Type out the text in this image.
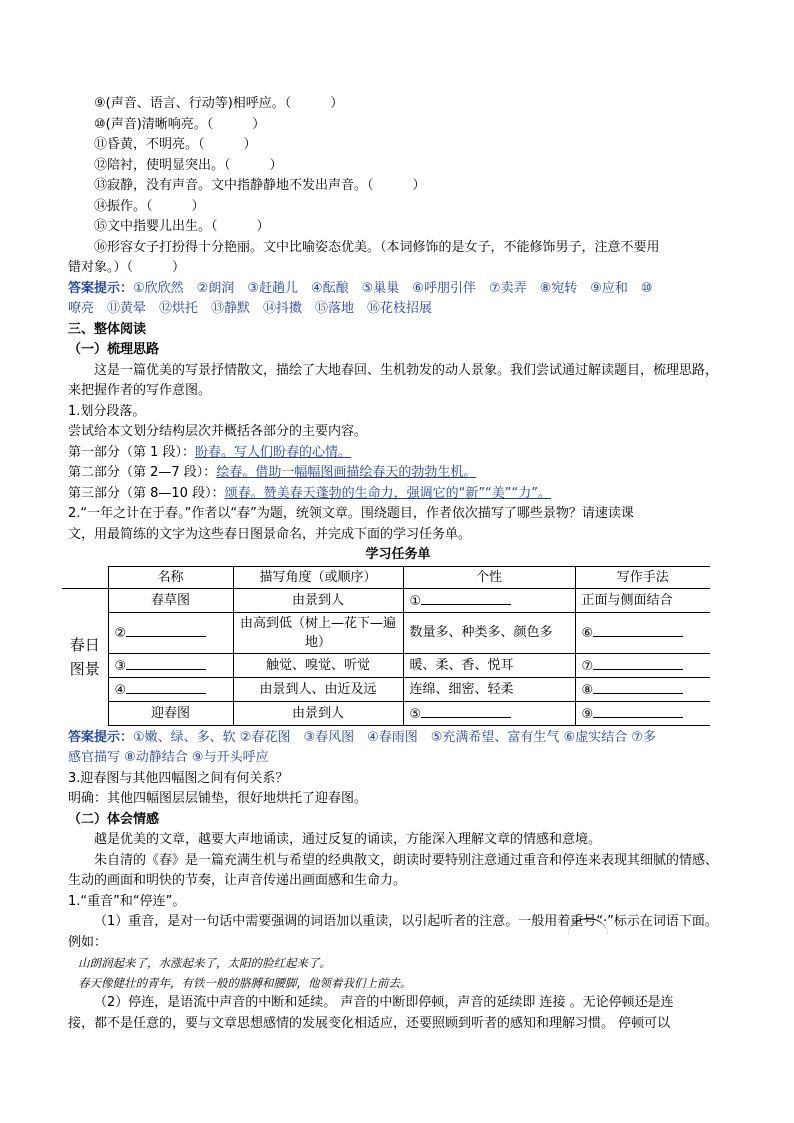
⑨(声音、语言、行动等)相呼应。（　　　）
⑩(声音)清晰响亮。（　　　）
⑪昏黄，不明亮。（　　　）
⑫陪衬，使明显突出。（　　　）
⑬寂静，没有声音。文中指静静地不发出声音。（　　　）
⑭振作。（　　　）
⑮文中指婴儿出生。（　　　）
⑯形容女子打扮得十分艳丽。文中比喻姿态优美。（本词修饰的是女子，不能修饰男子，注意不要用
错对象。）（　　　）
答案提示：①欣欣然　②朗润　③赶趟儿　④酝酿　⑤巢巢　⑥呼朋引伴　⑦卖弄　⑧宛转　⑨应和　⑩
嘹亮　⑪黄晕　⑫烘托　⑬静默　⑭抖擞　⑮落地　⑯花枝招展
三、整体阅读
（一）梳理思路
这是一篇优美的写景抒情散文，描绘了大地春回、生机勃发的动人景象。我们尝试通过解读题目，梳理思路，来把握作者的写作意图。
1.划分段落。
尝试给本文划分结构层次并概括各部分的主要内容。
第一部分（第 1 段）：盼春。写人们盼春的心情。
第二部分（第 2—7 段）：绘春。借助一幅幅图画描绘春天的勃勃生机。
第三部分（第 8—10 段）：颂春。赞美春天蓬勃的生命力，强调它的“新”“美”“力”。
2.“一年之计在于春。”作者以“春”为题，统领文章。围绕题目，作者依次描写了哪些景物？请速读课
文，用最简练的文字为这些春日图景命名，并完成下面的学习任务单。
学习任务单
	名称	描写角度（或顺序）	个性	写作手法
春日图景	春草图	由景到人	①	正面与侧面结合
	②	由高到低（树上—花下—遍地）	数量多、种类多、颜色多	⑥
	③	触觉、嗅觉、听觉	暖、柔、香、悦耳	⑦
	④	由景到人、由近及远	连绵、细密、轻柔	⑧
	迎春图	由景到人	⑤	⑨
答案提示：①嫩、绿、多、软 ②春花图　③春风图　④春雨图　⑤充满希望、富有生气 ⑥虚实结合 ⑦多
感官描写 ⑧动静结合 ⑨与开头呼应
3.迎春图与其他四幅图之间有何关系？
明确：其他四幅图层层铺垫，很好地烘托了迎春图。
（二）体会情感
越是优美的文章，越要大声地诵读，通过反复的诵读，方能深入理解文章的情感和意境。
朱自清的《春》是一篇充满生机与希望的经典散文，朗读时要特别注意通过重音和停连来表现其细腻的情感、生动的画面和明快的节奏，让声音传递出画面感和生命力。
1.“重音”和“停连”。
（1）重音，是对一句话中需要强调的词语加以重读，以引起听者的注意。一般用着重号“·”标示在词语下面。例如：
山朗润起来了，水涨起来了，太阳的脸红起来了。
春天像健壮的青年，有铁一般的胳膊和腰脚，他领着我们上前去。
（2）停连，是语流中声音的中断和延续。 声音的中断即停顿，声音的延续即 连接 。无论停顿还是连
接，都不是任意的，要与文章思想感情的发展变化相适应，还要照顾到听者的感知和理解习惯。 停顿可以
